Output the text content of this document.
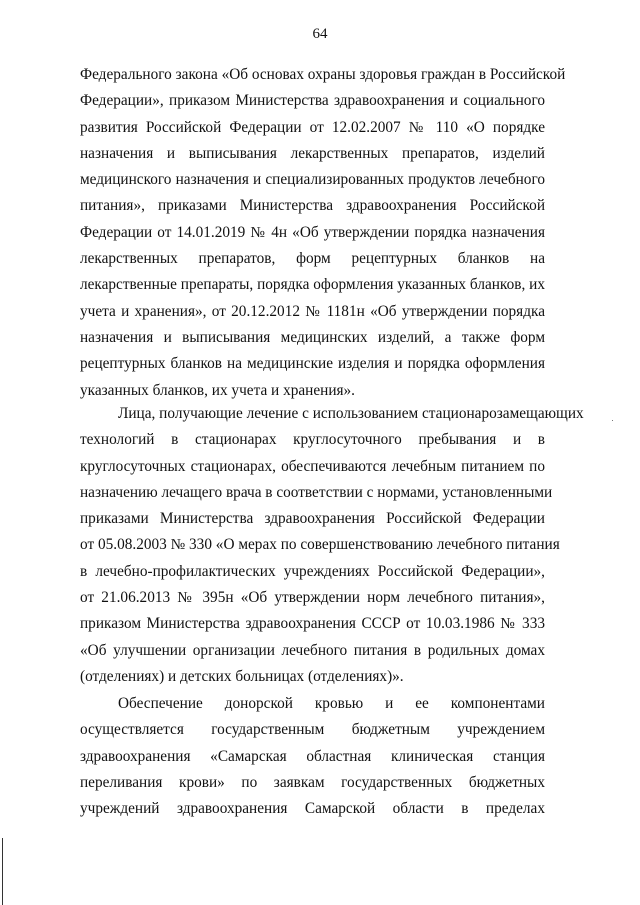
64
Федерального закона «Об основах охраны здоровья граждан в Российской
Федерации», приказом Министерства здравоохранения и социального
развития Российской Федерации от 12.02.2007 № 110 «О порядке
назначения и выписывания лекарственных препаратов, изделий
медицинского назначения и специализированных продуктов лечебного
питания», приказами Министерства здравоохранения Российской
Федерации от 14.01.2019 № 4н «Об утверждении порядка назначения
лекарственных препаратов, форм рецептурных бланков на
лекарственные препараты, порядка оформления указанных бланков, их
учета и хранения», от 20.12.2012 № 1181н «Об утверждении порядка
назначения и выписывания медицинских изделий, а также форм
рецептурных бланков на медицинские изделия и порядка оформления
указанных бланков, их учета и хранения».
Лица, получающие лечение с использованием стационарозамещающих
технологий в стационарах круглосуточного пребывания и в
круглосуточных стационарах, обеспечиваются лечебным питанием по
назначению лечащего врача в соответствии с нормами, установленными
приказами Министерства здравоохранения Российской Федерации
от 05.08.2003 № 330 «О мерах по совершенствованию лечебного питания
в лечебно-профилактических учреждениях Российской Федерации»,
от 21.06.2013 № 395н «Об утверждении норм лечебного питания»,
приказом Министерства здравоохранения СССР от 10.03.1986 № 333
«Об улучшении организации лечебного питания в родильных домах
(отделениях) и детских больницах (отделениях)».
Обеспечение донорской кровью и ее компонентами
осуществляется государственным бюджетным учреждением
здравоохранения «Самарская областная клиническая станция
переливания крови» по заявкам государственных бюджетных
учреждений здравоохранения Самарской области в пределах
